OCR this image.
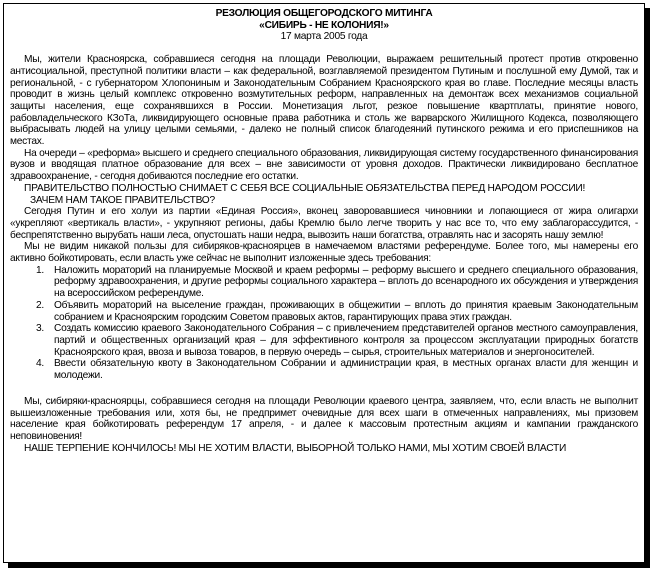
РЕЗОЛЮЦИЯ ОБЩЕГОРОДСКОГО МИТИНГА

«СИБИРЬ - НЕ КОЛОНИЯ!»

17 марта 2005 года

Мы, жители Красноярска, собравшиеся сегодня на площади Революции, выражаем решительный протест против откровенно антисоциальной, преступной политики власти – как федеральной, возглавляемой президентом Путиным и послушной ему Думой, так и региональной, - с губернатором Хлопониным и Законодательным Собранием Красноярского края во главе. Последние месяцы власть проводит в жизнь целый комплекс откровенно возмутительных реформ, направленных на демонтаж всех механизмов социальной защиты населения, еще сохранявшихся в России. Монетизация льгот, резкое повышение квартплаты, принятие нового, рабовладельческого КЗоТа, ликвидирующего основные права работника и столь же варварского Жилищного Кодекса, позволяющего выбрасывать людей на улицу целыми семьями, - далеко не полный список благодеяний путинского режима и его приспешников на местах.

На очереди – «реформа» высшего и среднего специального образования, ликвидирующая систему государственного финансирования вузов и вводящая платное образование для всех – вне зависимости от уровня доходов. Практически ликвидировано бесплатное здравоохранение, - сегодня добиваются последние его остатки.

ПРАВИТЕЛЬСТВО ПОЛНОСТЬЮ СНИМАЕТ С СЕБЯ ВСЕ СОЦИАЛЬНЫЕ ОБЯЗАТЕЛЬСТВА ПЕРЕД НАРОДОМ РОССИИ!

ЗАЧЕМ НАМ ТАКОЕ ПРАВИТЕЛЬСТВО?

Сегодня Путин и его холуи из партии «Единая Россия», вконец заворовавшиеся чиновники и лопающиеся от жира олигархи «укрепляют «вертикаль власти», - укрупняют регионы, дабы Кремлю было легче творить у нас все то, что ему заблагорассудится, - беспрепятственно вырубать наши леса, опустошать наши недра, вывозить наши богатства, отравлять нас и засорять нашу землю!

Мы не видим никакой пользы для сибиряков-красноярцев в намечаемом властями референдуме. Более того, мы намерены его активно бойкотировать, если власть уже сейчас не выполнит изложенные здесь требования:

1. Наложить мораторий на планируемые Москвой и краем реформы – реформу высшего и среднего специального образования, реформу здравоохранения, и другие реформы социального характера – вплоть до всенародного их обсуждения и утверждения на всероссийском референдуме.
2. Объявить мораторий на выселение граждан, проживающих в общежитии – вплоть до принятия краевым Законодательным собранием и Красноярским городским Советом правовых актов, гарантирующих права этих граждан.
3. Создать комиссию краевого Законодательного Собрания – с привлечением представителей органов местного самоуправления, партий и общественных организаций края – для эффективного контроля за процессом эксплуатации природных богатств Красноярского края, ввоза и вывоза товаров, в первую очередь – сырья, строительных материалов и энергоносителей.
4. Ввести обязательную квоту в Законодательном Собрании и администрации края, в местных органах власти для женщин и молодежи.

Мы, сибиряки-красноярцы, собравшиеся сегодня на площади Революции краевого центра, заявляем, что, если власть не выполнит вышеизложенные требования или, хотя бы, не предпримет очевидные для всех шаги в отмеченных направлениях, мы призовем население края бойкотировать референдум 17 апреля, - и далее к массовым протестным акциям и кампании гражданского неповиновения!

НАШЕ ТЕРПЕНИЕ КОНЧИЛОСЬ! МЫ НЕ ХОТИМ ВЛАСТИ, ВЫБОРНОЙ ТОЛЬКО НАМИ, МЫ ХОТИМ СВОЕЙ ВЛАСТИ
